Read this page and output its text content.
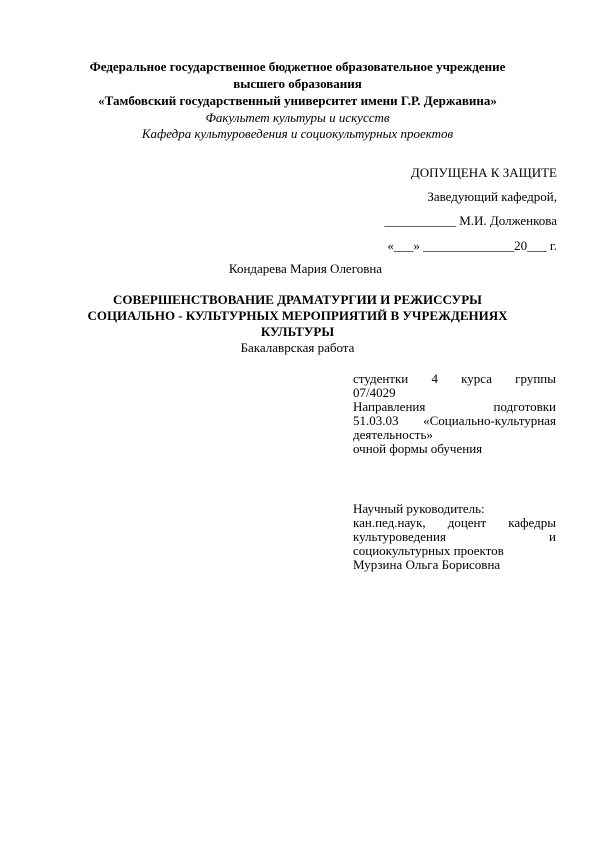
Федеральное государственное бюджетное образовательное учреждение
высшего образования
«Тамбовский государственный университет имени Г.Р. Державина»
Факультет культуры и искусств
Кафедра культуроведения и социокультурных проектов
ДОПУЩЕНА К ЗАЩИТЕ
Заведующий кафедрой,
___________ М.И. Долженкова
«___» ______________20___ г.
Кондарева Мария Олеговна
СОВЕРШЕНСТВОВАНИЕ ДРАМАТУРГИИ И РЕЖИССУРЫ
СОЦИАЛЬНО - КУЛЬТУРНЫХ МЕРОПРИЯТИЙ В УЧРЕЖДЕНИЯХ
КУЛЬТУРЫ
Бакалаврская работа
студентки 4 курса группы
07/4029
Направления подготовки
51.03.03 «Социально-культурная
деятельность»
очной формы обучения
Научный руководитель:
кан.пед.наук, доцент кафедры
культуроведения и
социокультурных проектов
Мурзина Ольга Борисовна
